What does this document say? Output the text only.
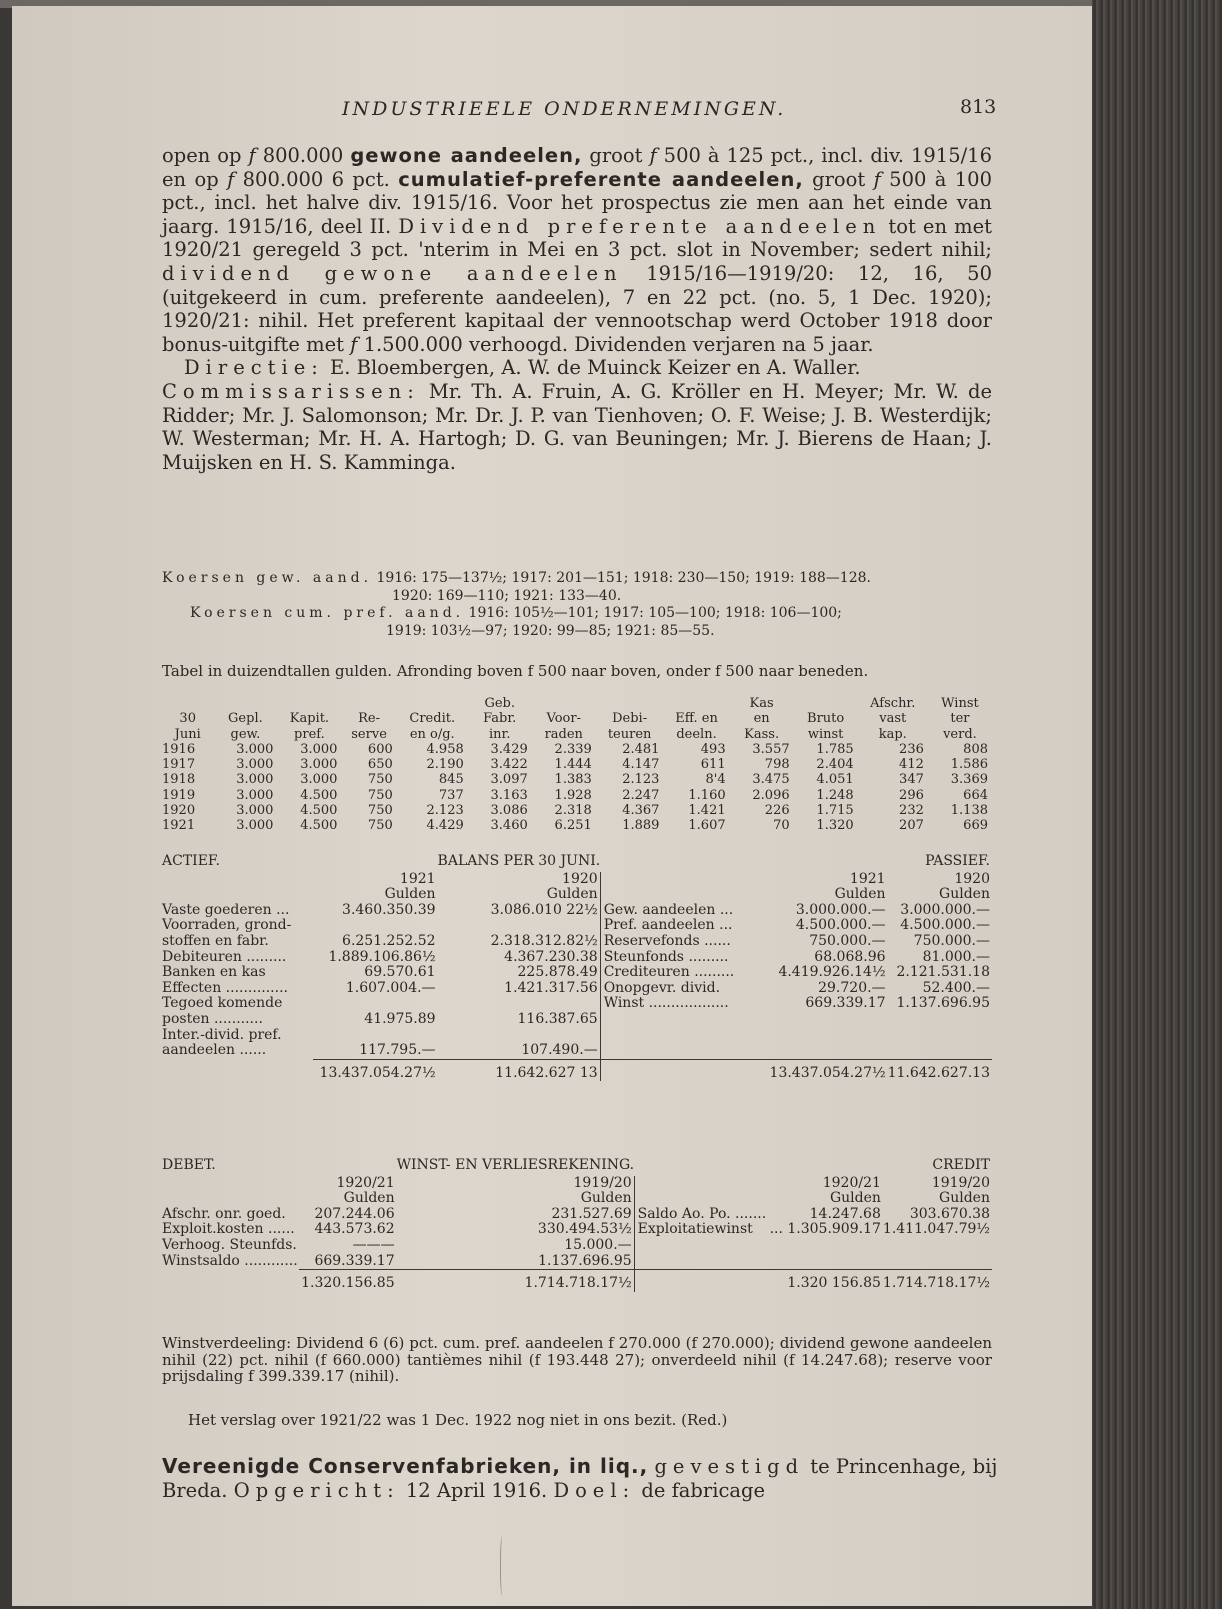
INDUSTRIEELE ONDERNEMINGEN.	813

open op f 800.000 gewone aandeelen, groot f 500 à 125 pct., incl. div. 1915/16 en op f 800.000 6 pct. cumulatief-preferente aandeelen, groot f 500 à 100 pct., incl. het halve div. 1915/16. Voor het prospectus zie men aan het einde van jaarg. 1915/16, deel II. Dividend preferente aandeelen tot en met 1920/21 geregeld 3 pct. 'nterim in Mei en 3 pct. slot in November; sedert nihil; dividend gewone aandeelen 1915/16—1919/20: 12, 16, 50 (uitgekeerd in cum. preferente aandeelen), 7 en 22 pct. (no. 5, 1 Dec. 1920); 1920/21: nihil. Het preferent kapitaal der vennootschap werd October 1918 door bonus-uitgifte met f 1.500.000 verhoogd. Dividenden verjaren na 5 jaar.

Directie: E. Bloembergen, A. W. de Muinck Keizer en A. Waller.

Commissarissen: Mr. Th. A. Fruin, A. G. Kröller en H. Meyer; Mr. W. de Ridder; Mr. J. Salomonson; Mr. Dr. J. P. van Tienhoven; O. F. Weise; J. B. Westerdijk; W. Westerman; Mr. H. A. Hartogh; D. G. van Beuningen; Mr. J. Bierens de Haan; J. Muijsken en H. S. Kamminga.

Koersen gew. aand. 1916: 175—137½; 1917: 201—151; 1918: 230—150; 1919: 188—128.
1920: 169—110; 1921: 133—40.
Koersen cum. pref. aand. 1916: 105½—101; 1917: 105—100; 1918: 106—100;
1919: 103½—97; 1920: 99—85; 1921: 85—55.
Tabel in duizendtallen gulden. Afronding boven f 500 naar boven, onder f 500 naar beneden.
					Geb.				Kas		Afschr.	Winst
30	Gepl.	Kapit.	Re-	Credit.	Fabr.	Voor-	Debi-	Eff. en	en	Bruto	vast	ter
Juni	gew.	pref.	serve	en o/g.	inr.	raden	teuren	deeln.	Kass.	winst	kap.	verd.
1916	3.000	3.000	600	4.958	3.429	2.339	2.481	493	3.557	1.785	236	808
1917	3.000	3.000	650	2.190	3.422	1.444	4.147	611	798	2.404	412	1.586
1918	3.000	3.000	750	845	3.097	1.383	2.123	8'4	3.475	4.051	347	3.369
1919	3.000	4.500	750	737	3.163	1.928	2.247	1.160	2.096	1.248	296	664
1920	3.000	4.500	750	2.123	3.086	2.318	4.367	1.421	226	1.715	232	1.138
1921	3.000	4.500	750	4.429	3.460	6.251	1.889	1.607	70	1.320	207	669
ACTIEF.		BALANS PER 30 JUNI.			PASSIEF.
	1921	1920		1921	1920
	Gulden	Gulden		Gulden	Gulden
Vaste goederen ...	3.460.350.39	3.086.010 22½	Gew. aandeelen ...	3.000.000.—	3.000.000.—
Voorraden, grond-			Pref. aandeelen ...	4.500.000.—	4.500.000.—
stoffen en fabr.	6.251.252.52	2.318.312.82½	Reservefonds ......	750.000.—	750.000.—
Debiteuren .........	1.889.106.86½	4.367.230.38	Steunfonds .........	68.068.96	81.000.—
Banken en kas	69.570.61	225.878.49	Crediteuren .........	4.419.926.14½	2.121.531.18
Effecten ..............	1.607.004.—	1.421.317.56	Onopgevr. divid.	29.720.—	52.400.—
Tegoed komende			Winst ..................	669.339.17	1.137.696.95
posten ...........	41.975.89	116.387.65			
Inter.-divid. pref.					
aandeelen ......	117.795.—	107.490.—			
	13.437.054.27½	11.642.627 13		13.437.054.27½	11.642.627.13
DEBET.		WINST- EN VERLIESREKENING.			CREDIT
	1920/21	1919/20		1920/21	1919/20
	Gulden	Gulden		Gulden	Gulden
Afschr. onr. goed.	207.244.06	231.527.69	Saldo Ao. Po. .......	14.247.68	303.670.38
Exploit.kosten ......	443.573.62	330.494.53½	Exploitatiewinst	... 1.305.909.17	1.411.047.79½
Verhoog. Steunfds.	———	15.000.—			
Winstsaldo ............	669.339.17	1.137.696.95			
	1.320.156.85	1.714.718.17½		1.320 156.85	1.714.718.17½
Winstverdeeling: Dividend 6 (6) pct. cum. pref. aandeelen f 270.000 (f 270.000); dividend gewone aandeelen nihil (22) pct. nihil (f 660.000) tantièmes nihil (f 193.448 27); onverdeeld nihil (f 14.247.68); reserve voor prijsdaling f 399.339.17 (nihil).
Het verslag over 1921/22 was 1 Dec. 1922 nog niet in ons bezit. (Red.)
Vereenigde Conservenfabrieken, in liq., gevestigd te Princenhage, bij Breda. Opgericht: 12 April 1916. Doel: de fabricage
